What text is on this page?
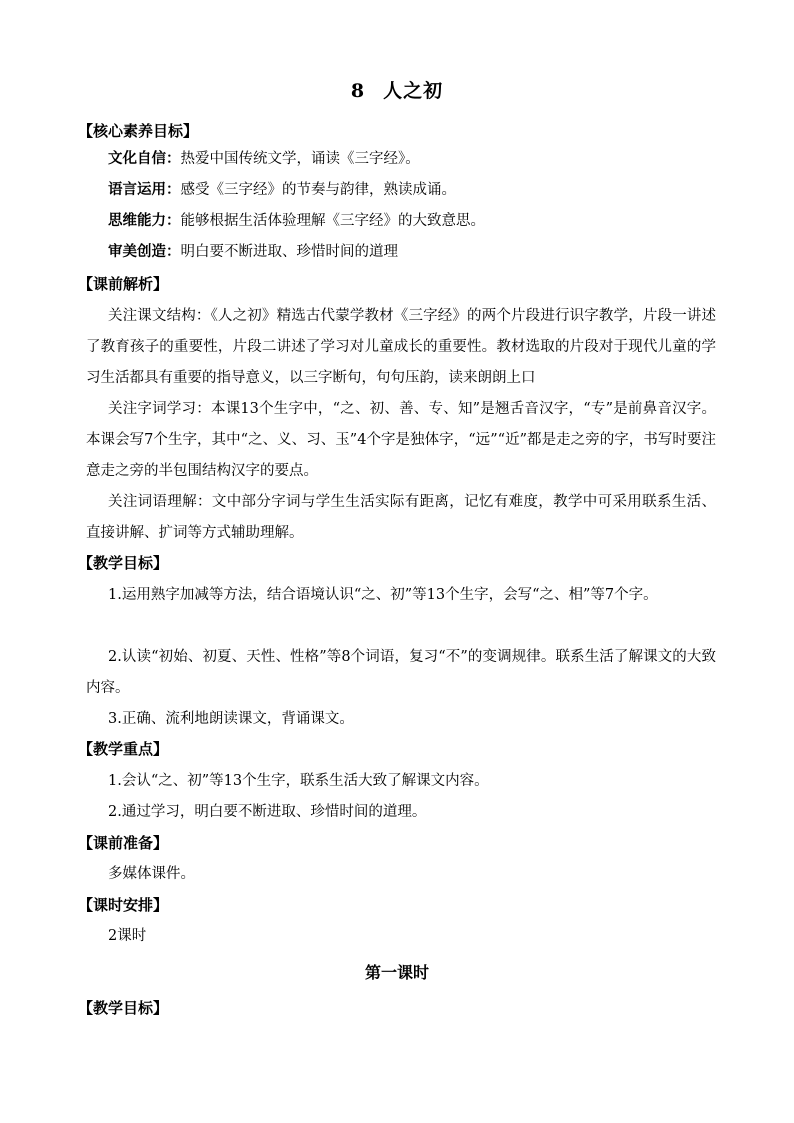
8 人之初
【核心素养目标】
文化自信：热爱中国传统文学，诵读《三字经》。
语言运用：感受《三字经》的节奏与韵律，熟读成诵。
思维能力：能够根据生活体验理解《三字经》的大致意思。
审美创造：明白要不断进取、珍惜时间的道理
【课前解析】
关注课文结构：《人之初》精选古代蒙学教材《三字经》的两个片段进行识字教学，片段一讲述了教育孩子的重要性，片段二讲述了学习对儿童成长的重要性。教材选取的片段对于现代儿童的学习生活都具有重要的指导意义，以三字断句，句句压韵，读来朗朗上口
关注字词学习：本课13个生字中，“之、初、善、专、知”是翘舌音汉字，“专”是前鼻音汉字。本课会写7个生字，其中“之、义、习、玉”4个字是独体字，“远”“近”都是走之旁的字，书写时要注意走之旁的半包围结构汉字的要点。
关注词语理解：文中部分字词与学生生活实际有距离，记忆有难度，教学中可采用联系生活、直接讲解、扩词等方式辅助理解。
【教学目标】
1.运用熟字加减等方法，结合语境认识“之、初”等13个生字，会写“之、相”等7个字。
2.认读“初始、初夏、天性、性格”等8个词语，复习“不”的变调规律。联系生活了解课文的大致内容。
3.正确、流利地朗读课文，背诵课文。
【教学重点】
1.会认“之、初”等13个生字，联系生活大致了解课文内容。
2.通过学习，明白要不断进取、珍惜时间的道理。
【课前准备】
多媒体课件。
【课时安排】
2课时
第一课时
【教学目标】
